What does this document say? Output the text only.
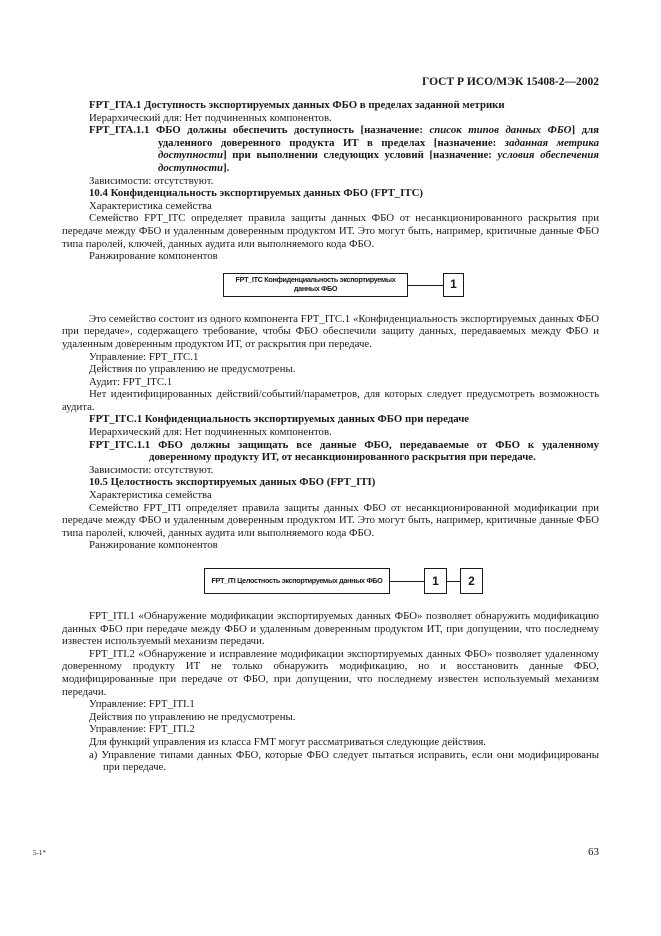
ГОСТ Р ИСО/МЭК 15408-2—2002

FPT_ITA.1 Доступность экспортируемых данных ФБО в пределах заданной метрики

Иерархический для: Нет подчиненных компонентов.

FPT_ITA.1.1 ФБО должны обеспечить доступность [назначение: список типов данных ФБО] для удаленного доверенного продукта ИТ в пределах [назначение: заданная метрика доступности] при выполнении следующих условий [назначение: условия обеспечения доступности].

Зависимости: отсутствуют.

10.4 Конфиденциальность экспортируемых данных ФБО (FPT_ITC)

Характеристика семейства

Семейство FPT_ITC определяет правила защиты данных ФБО от несанкционированного раскрытия при передаче между ФБО и удаленным доверенным продуктом ИТ. Это могут быть, например, критичные данные ФБО типа паролей, ключей, данных аудита или выполняемого кода ФБО.

Ранжирование компонентов

FPT_ITC Конфиденциальность экспортируемых данных ФБО	1

Это семейство состоит из одного компонента FPT_ITC.1 «Конфиденциальность экспортируемых данных ФБО при передаче», содержащего требование, чтобы ФБО обеспечили защиту данных, передаваемых между ФБО и удаленным доверенным продуктом ИТ, от раскрытия при передаче.

Управление: FPT_ITC.1

Действия по управлению не предусмотрены.

Аудит: FPT_ITC.1

Нет идентифицированных действий/событий/параметров, для которых следует предусмотреть возможность аудита.

FPT_ITC.1 Конфиденциальность экспортируемых данных ФБО при передаче

Иерархический для: Нет подчиненных компонентов.

FPT_ITC.1.1 ФБО должны защищать все данные ФБО, передаваемые от ФБО к удаленному доверенному продукту ИТ, от несанкционированного раскрытия при передаче.

Зависимости: отсутствуют.

10.5 Целостность экспортируемых данных ФБО (FPT_ITI)

Характеристика семейства

Семейство FPT_ITI определяет правила защиты данных ФБО от несанкционированной модификации при передаче между ФБО и удаленным доверенным продуктом ИТ. Это могут быть, например, критичные данные ФБО типа паролей, ключей, данных аудита или выполняемого кода ФБО.

Ранжирование компонентов

FPT_ITI Целостность экспортируемых данных ФБО	1	2

FPT_ITI.1 «Обнаружение модификации экспортируемых данных ФБО» позволяет обнаружить модификацию данных ФБО при передаче между ФБО и удаленным доверенным продуктом ИТ, при допущении, что последнему известен используемый механизм передачи.

FPT_ITI.2 «Обнаружение и исправление модификации экспортируемых данных ФБО» позволяет удаленному доверенному продукту ИТ не только обнаружить модификацию, но и восстановить данные ФБО, модифицированные при передаче от ФБО, при допущении, что последнему известен используемый механизм передачи.

Управление: FPT_ITI.1

Действия по управлению не предусмотрены.

Управление: FPT_ITI.2

Для функций управления из класса FMT могут рассматриваться следующие действия.

а) Управление типами данных ФБО, которые ФБО следует пытаться исправить, если они модифицированы при передаче.

5-1*	63
